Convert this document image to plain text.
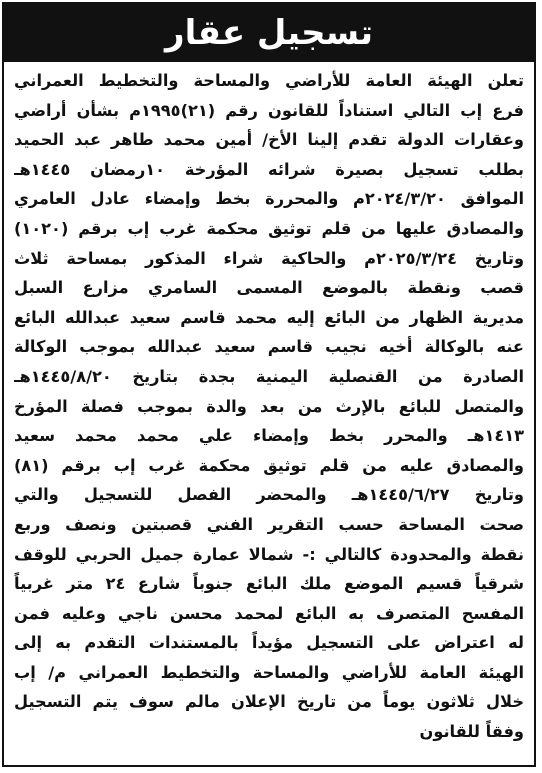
تسجيل عقار
تعلن الهيئة العامة للأراضي والمساحة والتخطيط العمراني
فرع إب التالي استناداً للقانون رقم (٢١)١٩٩٥م بشأن أراضي
وعقارات الدولة تقدم إلينا الأخ/ أمين محمد طاهر عبد الحميد
بطلب تسجيل بصيرة شرائه المؤرخة ١٠رمضان ١٤٤٥هـ
الموافق ٢٠٢٤/٣/٢٠م والمحررة بخط وإمضاء عادل العامري
والمصادق عليها من قلم توثيق محكمة غرب إب برقم (١٠٢٠)
وتاريخ ٢٠٢٥/٣/٢٤م والحاكية شراء المذكور بمساحة ثلاث
قصب ونقطة بالموضع المسمى السامري مزارع السبل
مديرية الظهار من البائع إليه محمد قاسم سعيد عبدالله البائع
عنه بالوكالة أخيه نجيب قاسم سعيد عبدالله بموجب الوكالة
الصادرة من القنصلية اليمنية بجدة بتاريخ ١٤٤٥/٨/٢٠هـ
والمتصل للبائع بالإرث من بعد والدة بموجب فصلة المؤرخ
١٤١٣هـ والمحرر بخط وإمضاء علي محمد محمد سعيد
والمصادق عليه من قلم توثيق محكمة غرب إب برقم (٨١)
وتاريخ ١٤٤٥/٦/٢٧هـ والمحضر الفصل للتسجيل والتي
صحت المساحة حسب التقرير الفني قصبتين ونصف وربع
نقطة والمحدودة كالتالي :- شمالا عمارة جميل الحربي للوقف
شرقياً قسيم الموضع ملك البائع جنوباً شارع ٢٤ متر غربياً
المفسح المتصرف به البائع لمحمد محسن ناجي وعليه فمن
له اعتراض على التسجيل مؤيداً بالمستندات التقدم به إلى
الهيئة العامة للأراضي والمساحة والتخطيط العمراني م/ إب
خلال ثلاثون يوماً من تاريخ الإعلان مالم سوف يتم التسجيل
وفقاً للقانون
